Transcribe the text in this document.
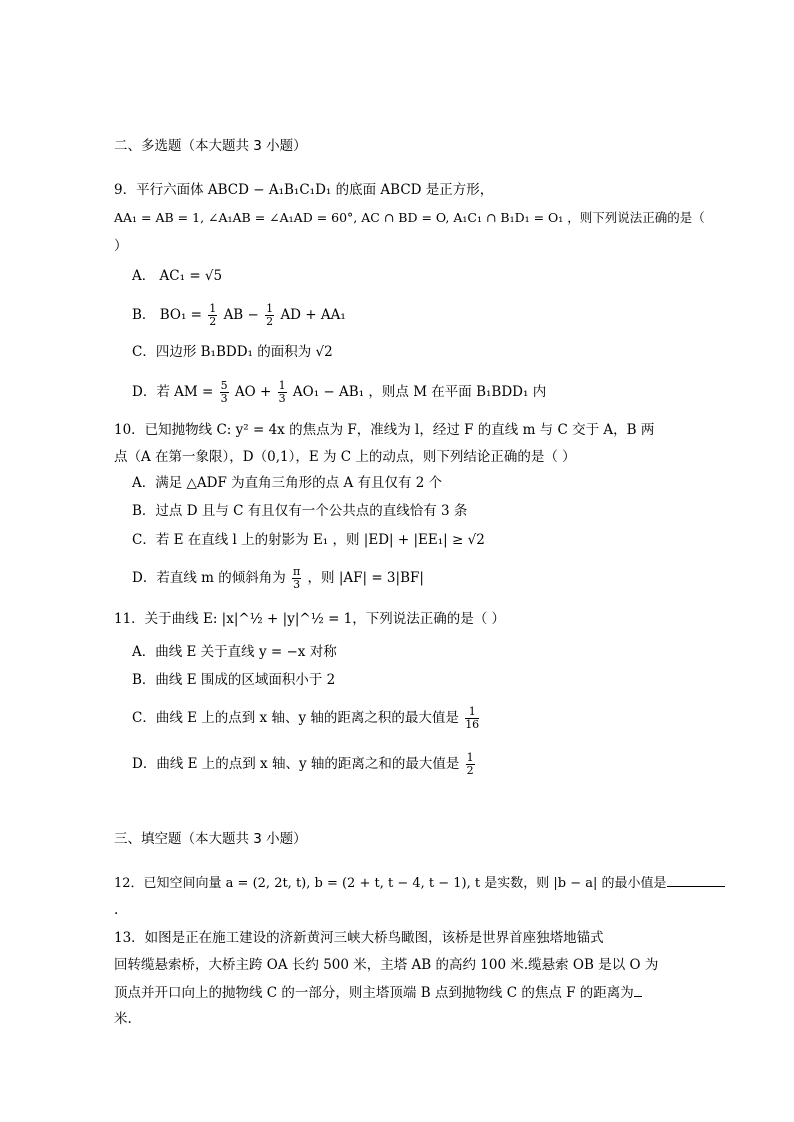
二、多选题（本大题共 3 小题）
9．平行六面体 ABCD − A₁B₁C₁D₁ 的底面 ABCD 是正方形，
AA₁ = AB = 1, ∠A₁AB = ∠A₁AD = 60°, AC ∩ BD = O, A₁C₁ ∩ B₁D₁ = O₁ ，则下列说法正确的是（
）
A． AC₁ = √5
B． $BO_1 = \frac{1}{2}$ AB − $\frac{1}{2}$ AD + AA₁
C．四边形 B₁BDD₁ 的面积为 √2
D．若 AM = $\frac{5}{3}$ AO + $\frac{1}{3} AO_1 - AB_1$ ，则点 M 在平面 B₁BDD₁ 内
10．已知抛物线 C: y² = 4x 的焦点为 F，准线为 l，经过 F 的直线 m 与 C 交于 A，B 两
点（A 在第一象限），D（0,1），E 为 C 上的动点，则下列结论正确的是（ ）
A．满足 △ADF 为直角三角形的点 A 有且仅有 2 个
B．过点 D 且与 C 有且仅有一个公共点的直线恰有 3 条
C．若 E 在直线 l 上的射影为 E₁ ，则 |ED| + |EE₁| ≥ √2
D．若直线 m 的倾斜角为 $\frac{\pi}{3}$ ，则 |AF| = 3|BF|
11．关于曲线 E: |x|^½ + |y|^½ = 1，下列说法正确的是（ ）
A．曲线 E 关于直线 y = −x 对称
B．曲线 E 围成的区域面积小于 2
C．曲线 E 上的点到 x 轴、y 轴的距离之积的最大值是 $\frac{1}{16}$
D．曲线 E 上的点到 x 轴、y 轴的距离之和的最大值是 $\frac{1}{2}$
三、填空题（本大题共 3 小题）
12．已知空间向量 a = (2, 2t, t), b = (2 + t, t − 4, t − 1), t 是实数，则 |b − a| 的最小值是
.
13．如图是正在施工建设的济新黄河三峡大桥鸟瞰图，该桥是世界首座独塔地锚式
回转缆悬索桥，大桥主跨 OA 长约 500 米，主塔 AB 的高约 100 米.缆悬索 OB 是以 O 为
顶点并开口向上的抛物线 C 的一部分，则主塔顶端 B 点到抛物线 C 的焦点 F 的距离为
米.
